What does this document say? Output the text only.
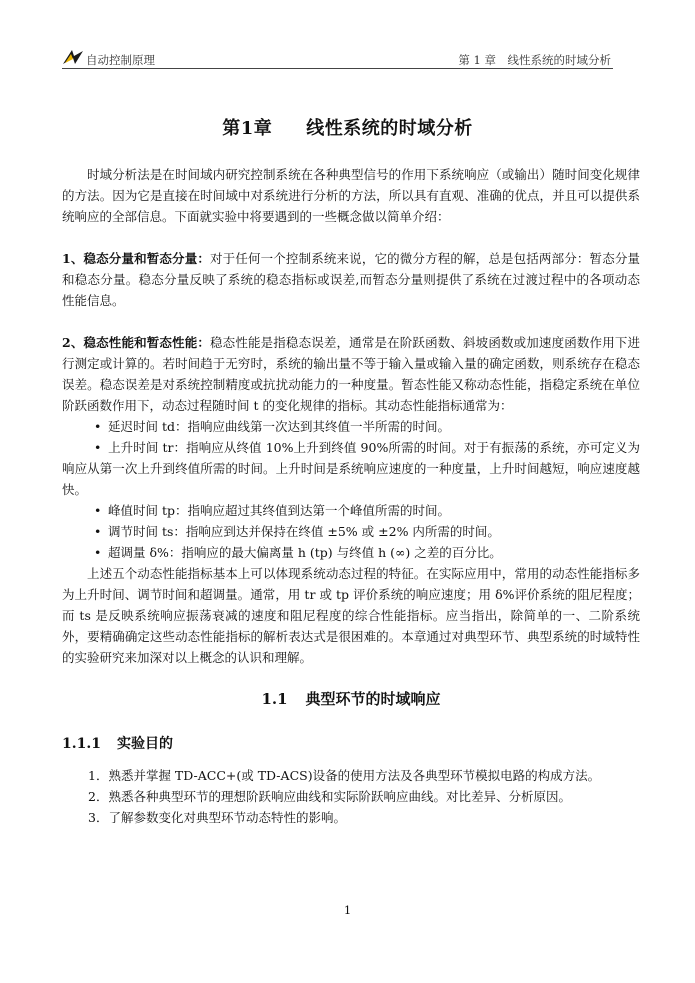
自动控制原理	第 1 章　线性系统的时域分析
第1章 线性系统的时域分析

时域分析法是在时间域内研究控制系统在各种典型信号的作用下系统响应（或输出）随时间变化规律的方法。因为它是直接在时间域中对系统进行分析的方法，所以具有直观、准确的优点，并且可以提供系统响应的全部信息。下面就实验中将要遇到的一些概念做以简单介绍：

1、稳态分量和暂态分量：对于任何一个控制系统来说，它的微分方程的解，总是包括两部分：暂态分量和稳态分量。稳态分量反映了系统的稳态指标或误差,而暂态分量则提供了系统在过渡过程中的各项动态性能信息。

2、稳态性能和暂态性能：稳态性能是指稳态误差，通常是在阶跃函数、斜坡函数或加速度函数作用下进行测定或计算的。若时间趋于无穷时，系统的输出量不等于输入量或输入量的确定函数，则系统存在稳态误差。稳态误差是对系统控制精度或抗扰动能力的一种度量。暂态性能又称动态性能，指稳定系统在单位阶跃函数作用下，动态过程随时间 t 的变化规律的指标。其动态性能指标通常为：

• 延迟时间 td：指响应曲线第一次达到其终值一半所需的时间。

• 上升时间 tr：指响应从终值 10%上升到终值 90%所需的时间。对于有振荡的系统，亦可定义为响应从第一次上升到终值所需的时间。上升时间是系统响应速度的一种度量，上升时间越短，响应速度越快。

• 峰值时间 tp：指响应超过其终值到达第一个峰值所需的时间。

• 调节时间 ts：指响应到达并保持在终值 ±5% 或 ±2% 内所需的时间。

• 超调量 δ%：指响应的最大偏离量 h (tp) 与终值 h (∞) 之差的百分比。

上述五个动态性能指标基本上可以体现系统动态过程的特征。在实际应用中，常用的动态性能指标多为上升时间、调节时间和超调量。通常，用 tr 或 tp 评价系统的响应速度；用 δ%评价系统的阻尼程度；而 ts 是反映系统响应振荡衰减的速度和阻尼程度的综合性能指标。应当指出，除简单的一、二阶系统外，要精确确定这些动态性能指标的解析表达式是很困难的。本章通过对典型环节、典型系统的时域特性的实验研究来加深对以上概念的认识和理解。

1.1 典型环节的时域响应
1.1.1 实验目的

1．熟悉并掌握 TD-ACC+(或 TD-ACS)设备的使用方法及各典型环节模拟电路的构成方法。

2．熟悉各种典型环节的理想阶跃响应曲线和实际阶跃响应曲线。对比差异、分析原因。

3．了解参数变化对典型环节动态特性的影响。

1
